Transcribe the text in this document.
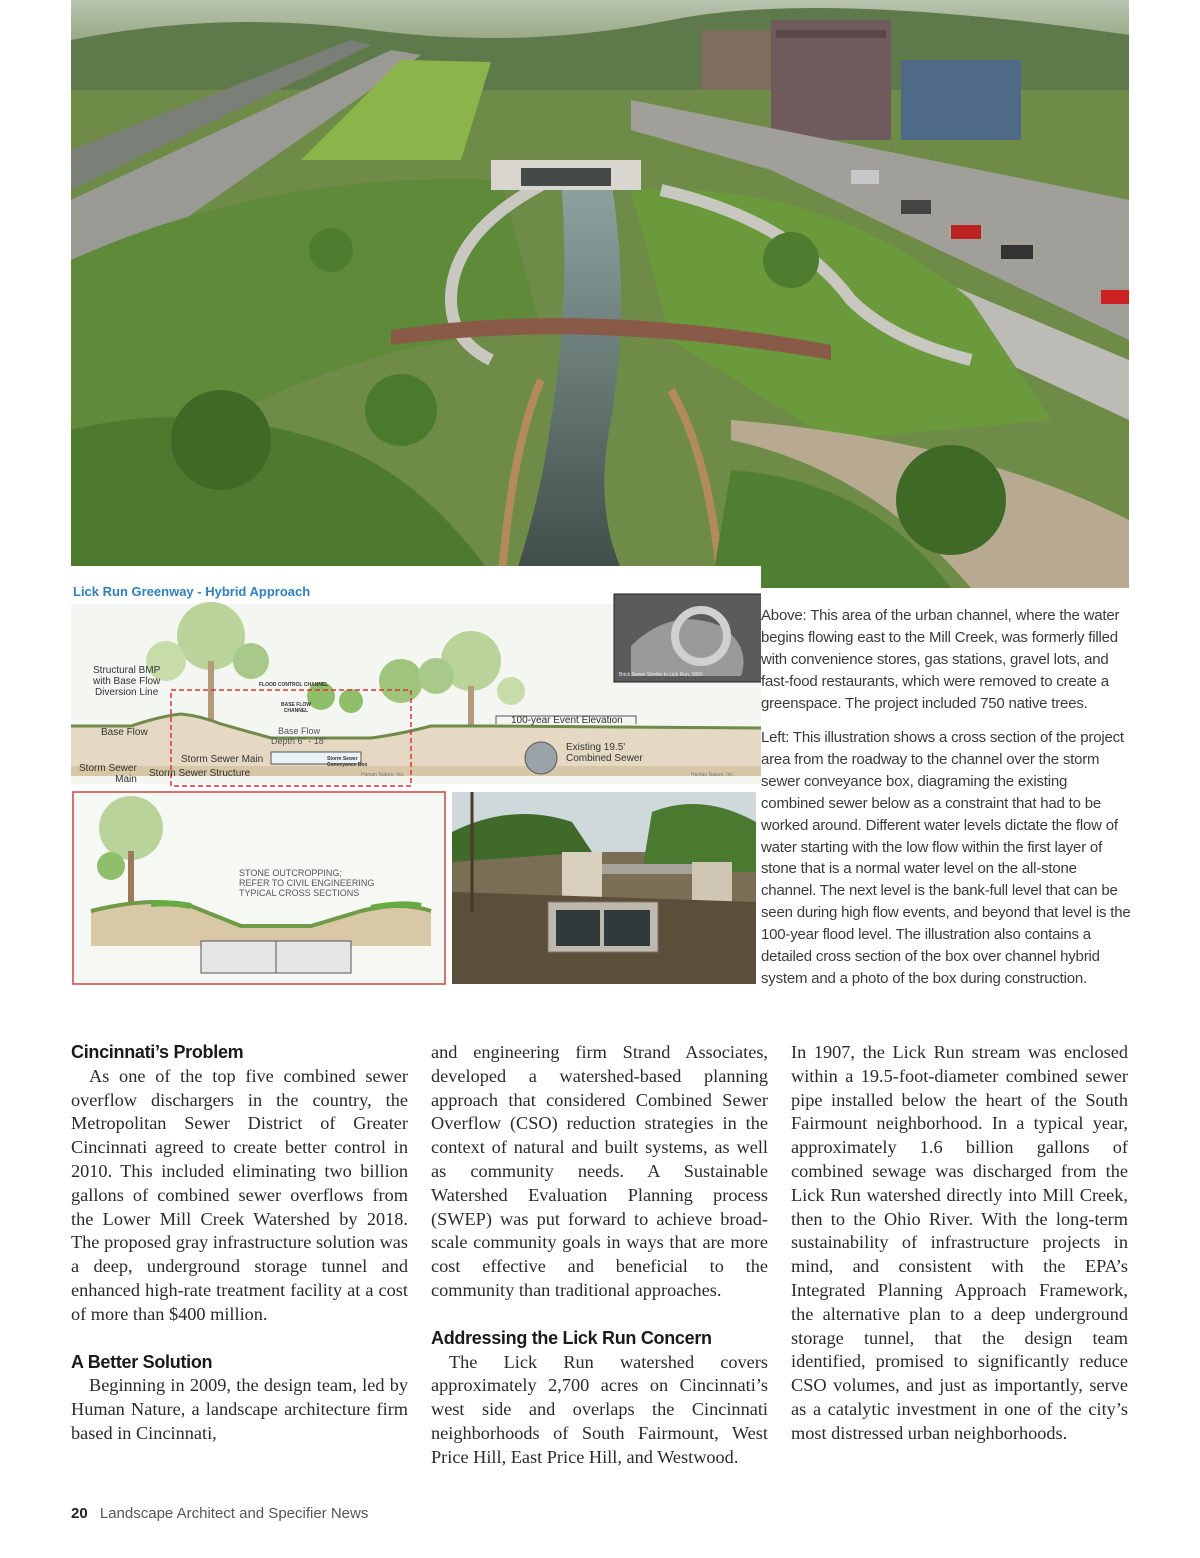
Lick Run Greenway - Hybrid Approach
Structural BMP
with Base Flow
Diversion Line
FLOOD CONTROL CHANNEL
BASE FLOW
CHANNEL
Base Flow
Depth 6" - 18"
Base Flow
Storm Sewer
Main
Storm Sewer Main
Storm Sewer Structure
Storm Sewer
Conveyance Box
100-year Event Elevation
Existing 19.5'
Combined Sewer
Brick Sewer Similar to Lick Run, 1883
Human Nature, Inc.	Human Nature, Inc.
STONE OUTCROPPING;
REFER TO CIVIL ENGINEERING
TYPICAL CROSS SECTIONS

Above: This area of the urban channel, where the water begins flowing east to the Mill Creek, was formerly filled with convenience stores, gas stations, gravel lots, and fast-food restaurants, which were removed to create a greenspace. The project included 750 native trees.

Left: This illustration shows a cross section of the project area from the roadway to the channel over the storm sewer conveyance box, diagraming the existing combined sewer below as a constraint that had to be worked around. Different water levels dictate the flow of water starting with the low flow within the first layer of stone that is a normal water level on the all-stone channel. The next level is the bank-full level that can be seen during high flow events, and beyond that level is the 100-year flood level. The illustration also contains a detailed cross section of the box over channel hybrid system and a photo of the box during construction.

Cincinnati’s Problem

As one of the top five combined sewer overflow dischargers in the country, the Metropolitan Sewer District of Greater Cincinnati agreed to create better control in 2010. This included eliminating two billion gallons of combined sewer overflows from the Lower Mill Creek Watershed by 2018. The proposed gray infrastructure solution was a deep, underground storage tunnel and enhanced high-rate treatment facility at a cost of more than $400 million.

A Better Solution

Beginning in 2009, the design team, led by Human Nature, a landscape architecture firm based in Cincinnati,

and engineering firm Strand Associates, developed a watershed-based planning approach that considered Combined Sewer Overflow (CSO) reduction strategies in the context of natural and built systems, as well as community needs. A Sustainable Watershed Evaluation Planning process (SWEP) was put forward to achieve broad-scale community goals in ways that are more cost effective and beneficial to the community than traditional approaches.

Addressing the Lick Run Concern

The Lick Run watershed covers approximately 2,700 acres on Cincinnati’s west side and overlaps the Cincinnati neighborhoods of South Fairmount, West Price Hill, East Price Hill, and Westwood.

In 1907, the Lick Run stream was enclosed within a 19.5-foot-diameter combined sewer pipe installed below the heart of the South Fairmount neighborhood. In a typical year, approximately 1.6 billion gallons of combined sewage was discharged from the Lick Run watershed directly into Mill Creek, then to the Ohio River. With the long-term sustainability of infrastructure projects in mind, and consistent with the EPA’s Integrated Planning Approach Framework, the alternative plan to a deep underground storage tunnel, that the design team identified, promised to significantly reduce CSO volumes, and just as importantly, serve as a catalytic investment in one of the city’s most distressed urban neighborhoods.

20 Landscape Architect and Specifier News
